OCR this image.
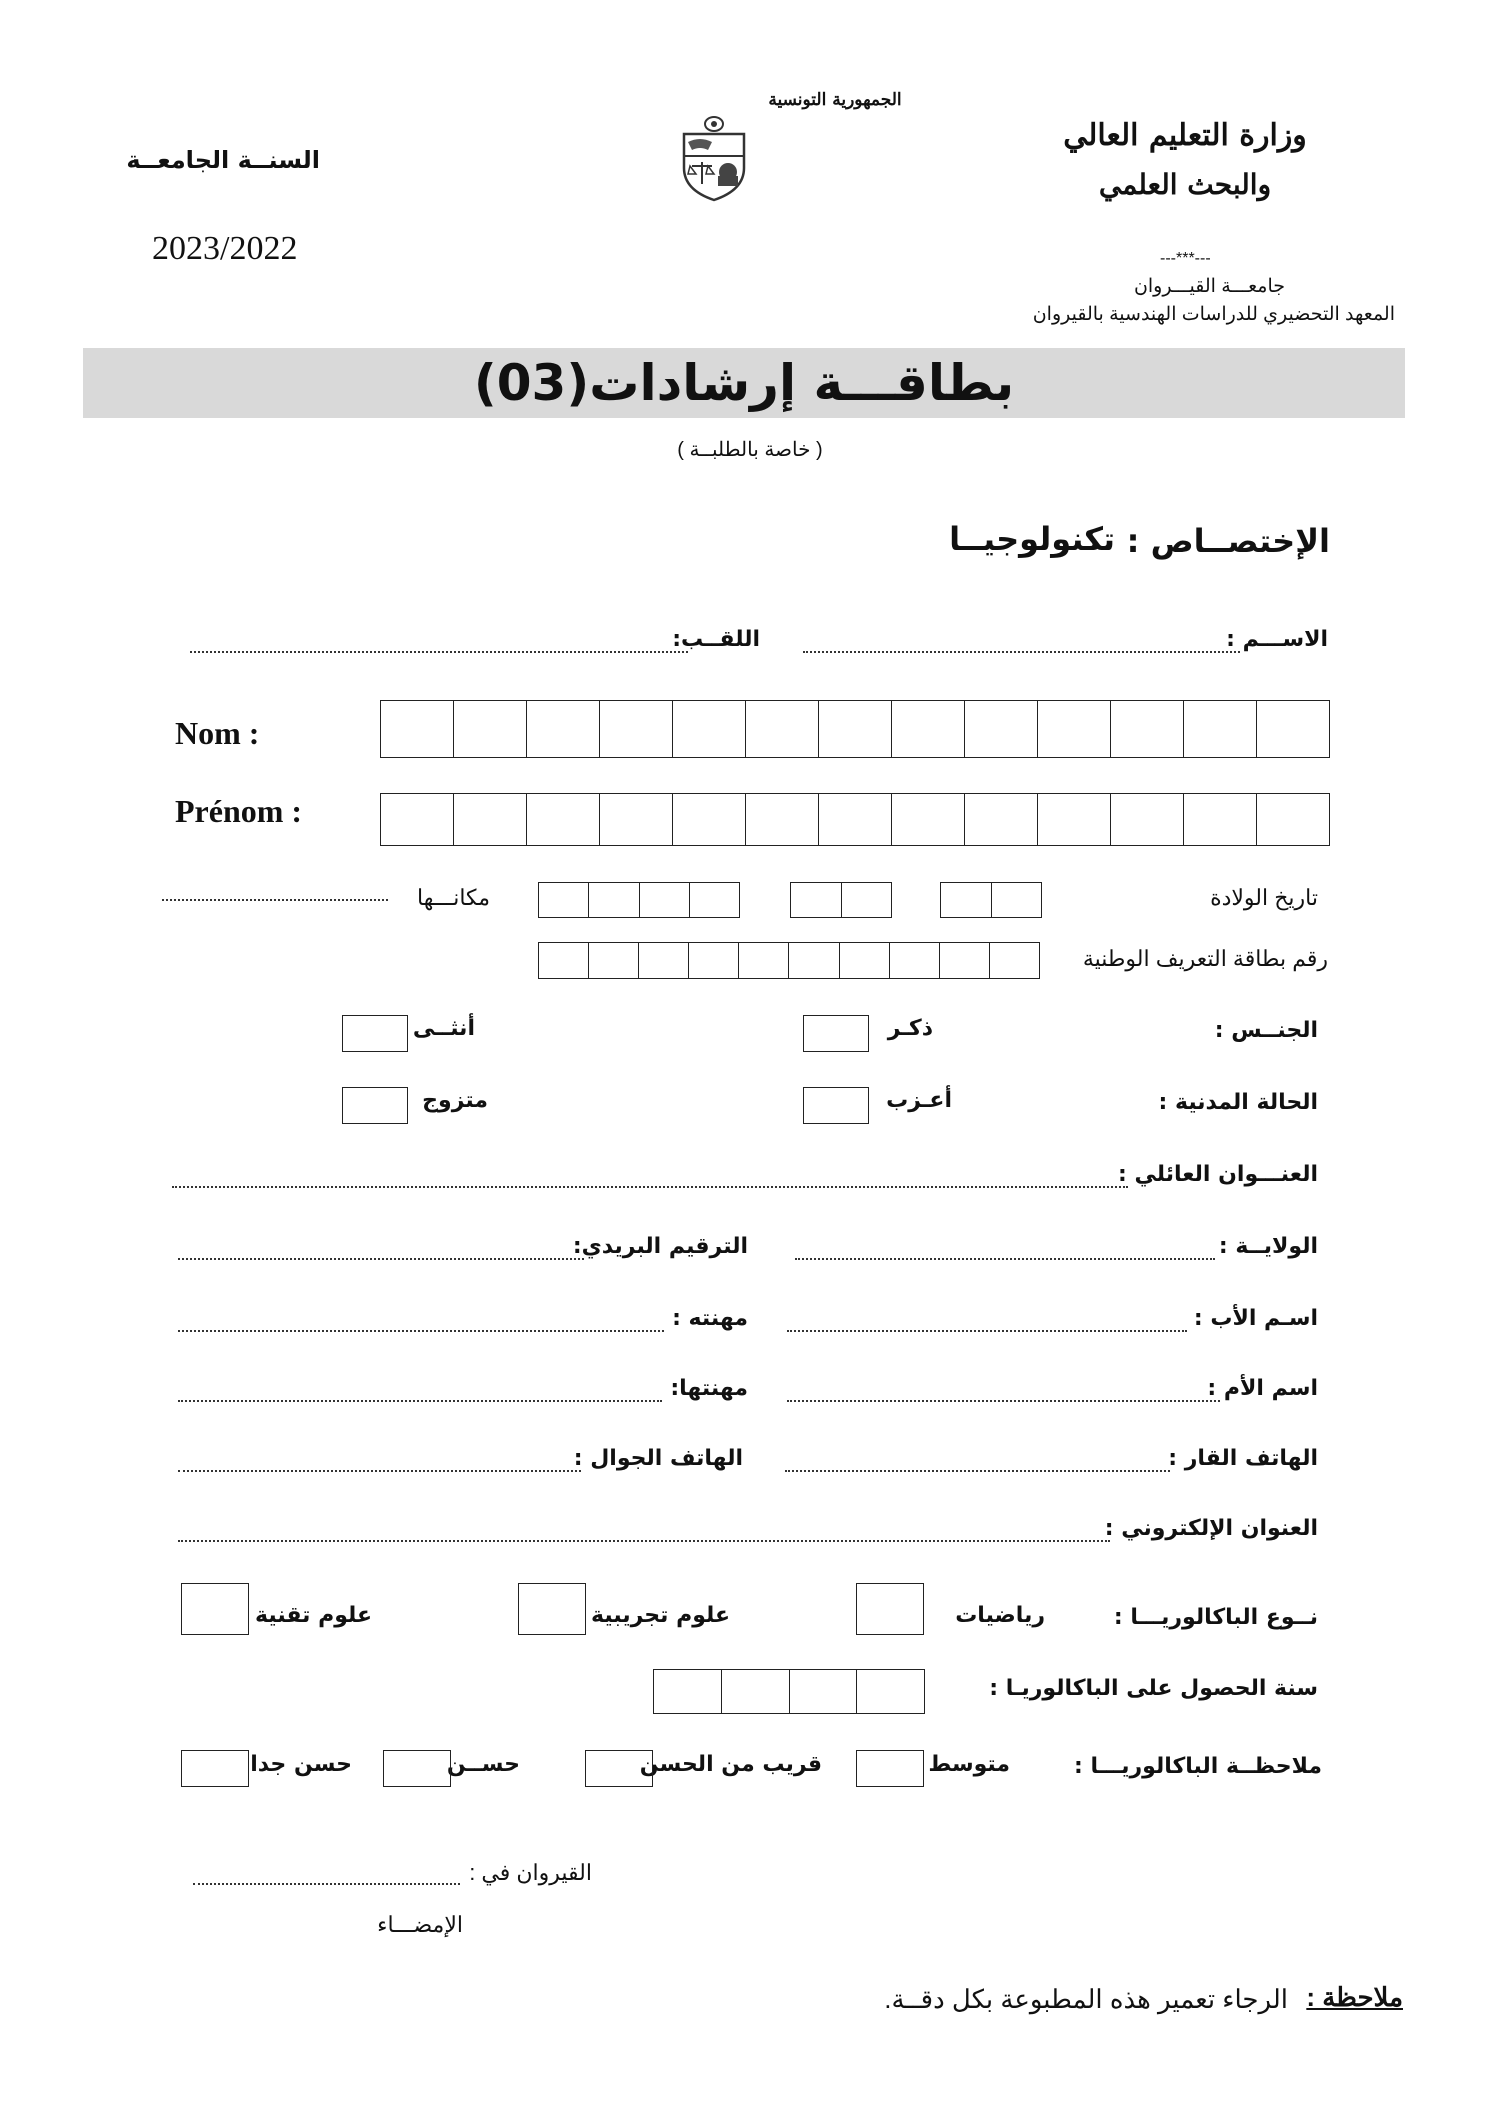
الجمهورية التونسية
وزارة التعليم العالي
والبحث العلمي
---***---
جامعـــة القيـــروان
المعهد التحضيري للدراسات الهندسية بالقيروان
السنــة الجامعــة
2023/2022
بطاقـــة إرشادات(03)
( خاصة بالطلبــة )
الإختصــاص :
تكنولوجيــا
الاســـم :
اللقــب:
Nom :
Prénom :
تاريخ الولادة
مكانـــها
رقم بطاقة التعريف الوطنية
الجنــس :
ذكـر
أنثــى
الحالة المدنية :
أعـزب
متزوج
العنـــوان العائلي :
الولايــة :
الترقيم البريدي:
اسـم الأب :
مهنته :
اسم الأم :
مهنتها:
الهاتف القار :
الهاتف الجوال :
العنوان الإلكتروني :
نــوع الباكالوريـــا :
رياضيات
علوم تجريبية
علوم تقنية
سنة الحصول على الباكالوريـا :
ملاحظــة الباكالوريـــا :
متوسط
قريب من الحسن
حســن
حسن جدا
القيروان في :
الإمضـــاء
ملاحظة :
الرجاء تعمير هذه المطبوعة بكل دقــة.
